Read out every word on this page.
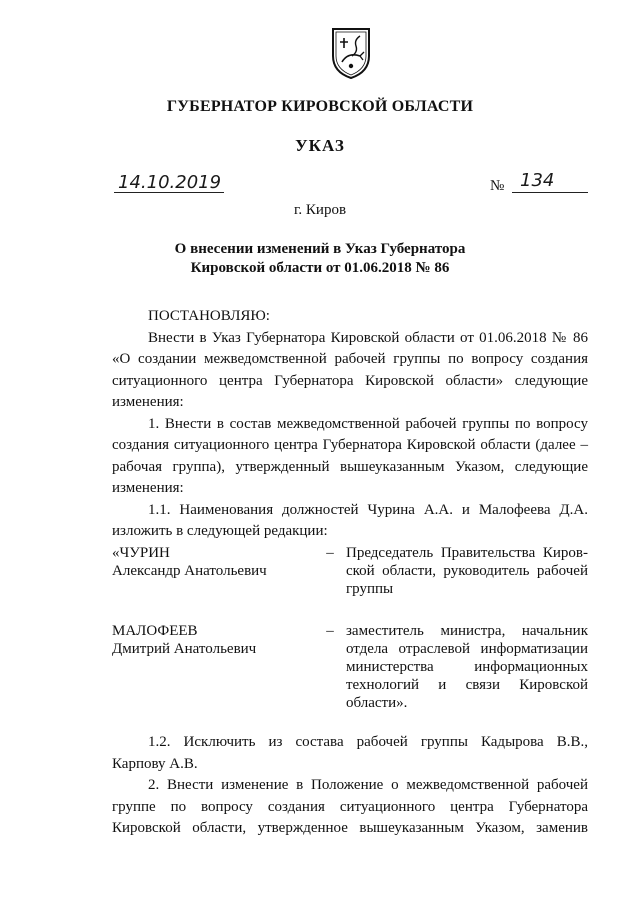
ГУБЕРНАТОР КИРОВСКОЙ ОБЛАСТИ
УКАЗ
14.10.2019	№ 134
г. Киров
О внесении изменений в Указ Губернатора
Кировской области от 01.06.2018 № 86
ПОСТАНОВЛЯЮ:
Внести в Указ Губернатора Кировской области от 01.06.2018 № 86
«О создании межведомственной рабочей группы по вопросу создания
ситуационного центра Губернатора Кировской области» следующие
изменения:
1. Внести в состав межведомственной рабочей группы по вопросу
создания ситуационного центра Губернатора Кировской области (далее –
рабочая группа), утвержденный вышеуказанным Указом, следующие
изменения:
1.1. Наименования должностей Чурина А.А. и Малофеева Д.А.
изложить в следующей редакции:
«ЧУРИН
Александр Анатольевич
– Председатель Правительства Киров-
ской области, руководитель рабочей
группы
МАЛОФЕЕВ
Дмитрий Анатольевич
– заместитель министра, начальник
отдела отраслевой информатизации
министерства информационных
технологий и связи Кировской
области».
1.2. Исключить из состава рабочей группы Кадырова В.В.,
Карпову А.В.
2. Внести изменение в Положение о межведомственной рабочей
группе по вопросу создания ситуационного центра Губернатора
Кировской области, утвержденное вышеуказанным Указом, заменив
